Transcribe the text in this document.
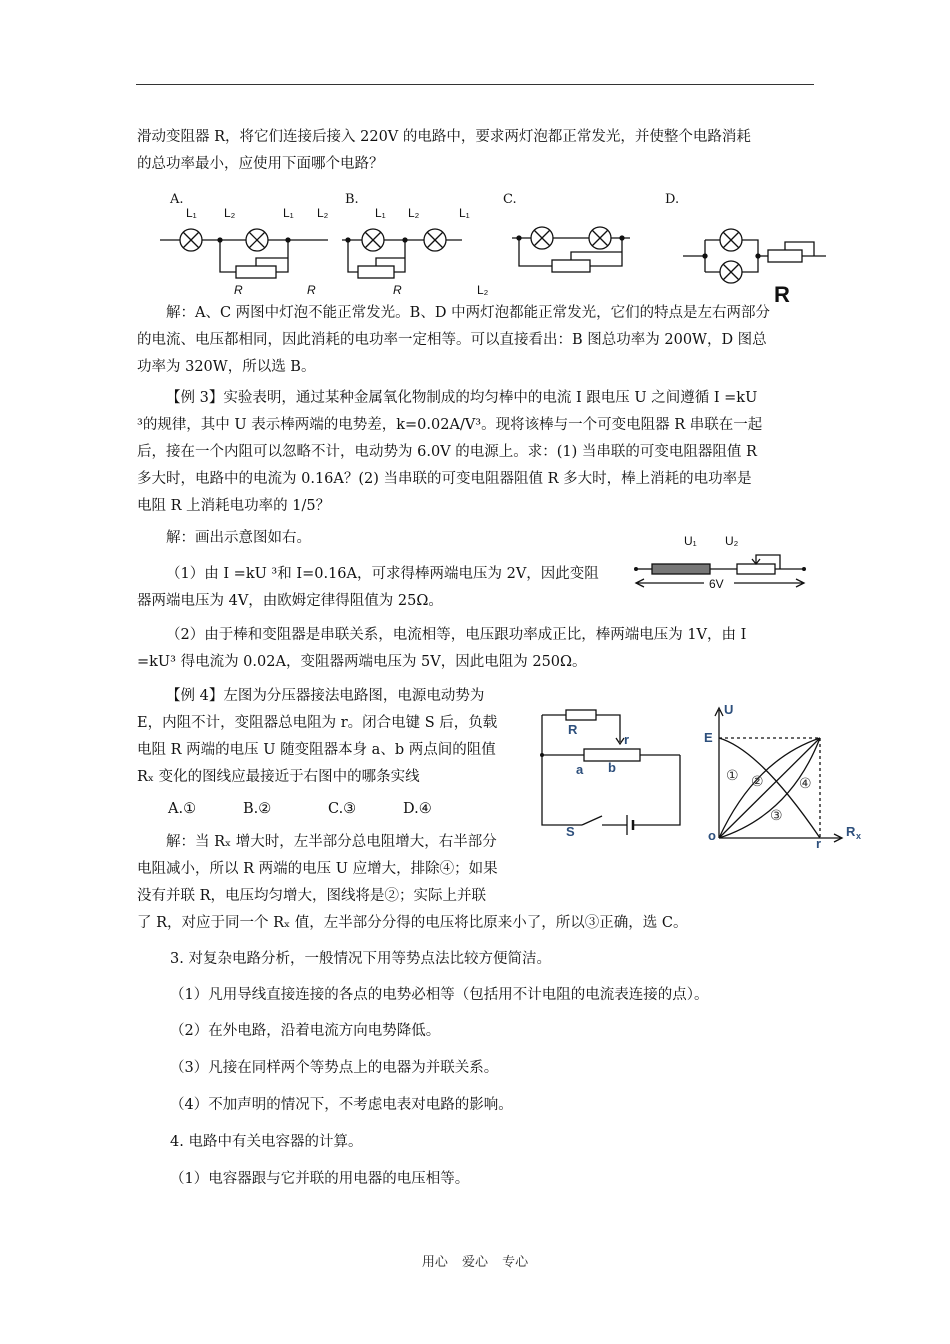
滑动变阻器 R，将它们连接后接入 220V 的电路中，要求两灯泡都正常发光，并使整个电路消耗

的总功率最小，应使用下面哪个电路？

A.	B.	C.	D.
L₁ L₂	L₁ L₂	L₁ L₂	L₁
R	R	R	L₂	R

解：A、C 两图中灯泡不能正常发光。B、D 中两灯泡都能正常发光，它们的特点是左右两部分

的电流、电压都相同，因此消耗的电功率一定相等。可以直接看出：B 图总功率为 200W，D 图总

功率为 320W，所以选 B。

【例 3】实验表明，通过某种金属氧化物制成的均匀棒中的电流 I 跟电压 U 之间遵循 I =kU

³的规律，其中 U 表示棒两端的电势差，k=0.02A/V³。现将该棒与一个可变电阻器 R 串联在一起

后，接在一个内阻可以忽略不计，电动势为 6.0V 的电源上。求：(1) 当串联的可变电阻器阻值 R

多大时，电路中的电流为 0.16A？(2) 当串联的可变电阻器阻值 R 多大时，棒上消耗的电功率是

电阻 R 上消耗电功率的 1/5？

解：画出示意图如右。

（1）由 I =kU ³和 I=0.16A，可求得棒两端电压为 2V，因此变阻

器两端电压为 4V，由欧姆定律得阻值为 25Ω。

U₁ U₂
6V

（2）由于棒和变阻器是串联关系，电流相等，电压跟功率成正比，棒两端电压为 1V，由 I

=kU³ 得电流为 0.02A，变阻器两端电压为 5V，因此电阻为 250Ω。

【例 4】左图为分压器接法电路图，电源电动势为

E，内阻不计，变阻器总电阻为 r。闭合电键 S 后，负载

电阻 R 两端的电压 U 随变阻器本身 a、b 两点间的阻值

Rₓ 变化的图线应最接近于右图中的哪条实线

A.①	B.②	C.③	D.④
R
r
a b
S
U
E
o	R x
r
① ②
③
④

解：当 Rₓ 增大时，左半部分总电阻增大，右半部分

电阻减小，所以 R 两端的电压 U 应增大，排除④；如果

没有并联 R，电压均匀增大，图线将是②；实际上并联

了 R，对应于同一个 Rₓ 值，左半部分分得的电压将比原来小了，所以③正确，选 C。

3. 对复杂电路分析，一般情况下用等势点法比较方便简洁。

（1）凡用导线直接连接的各点的电势必相等（包括用不计电阻的电流表连接的点）。

（2）在外电路，沿着电流方向电势降低。

（3）凡接在同样两个等势点上的电器为并联关系。

（4）不加声明的情况下，不考虑电表对电路的影响。

4. 电路中有关电容器的计算。

（1）电容器跟与它并联的用电器的电压相等。

用心 爱心 专心
